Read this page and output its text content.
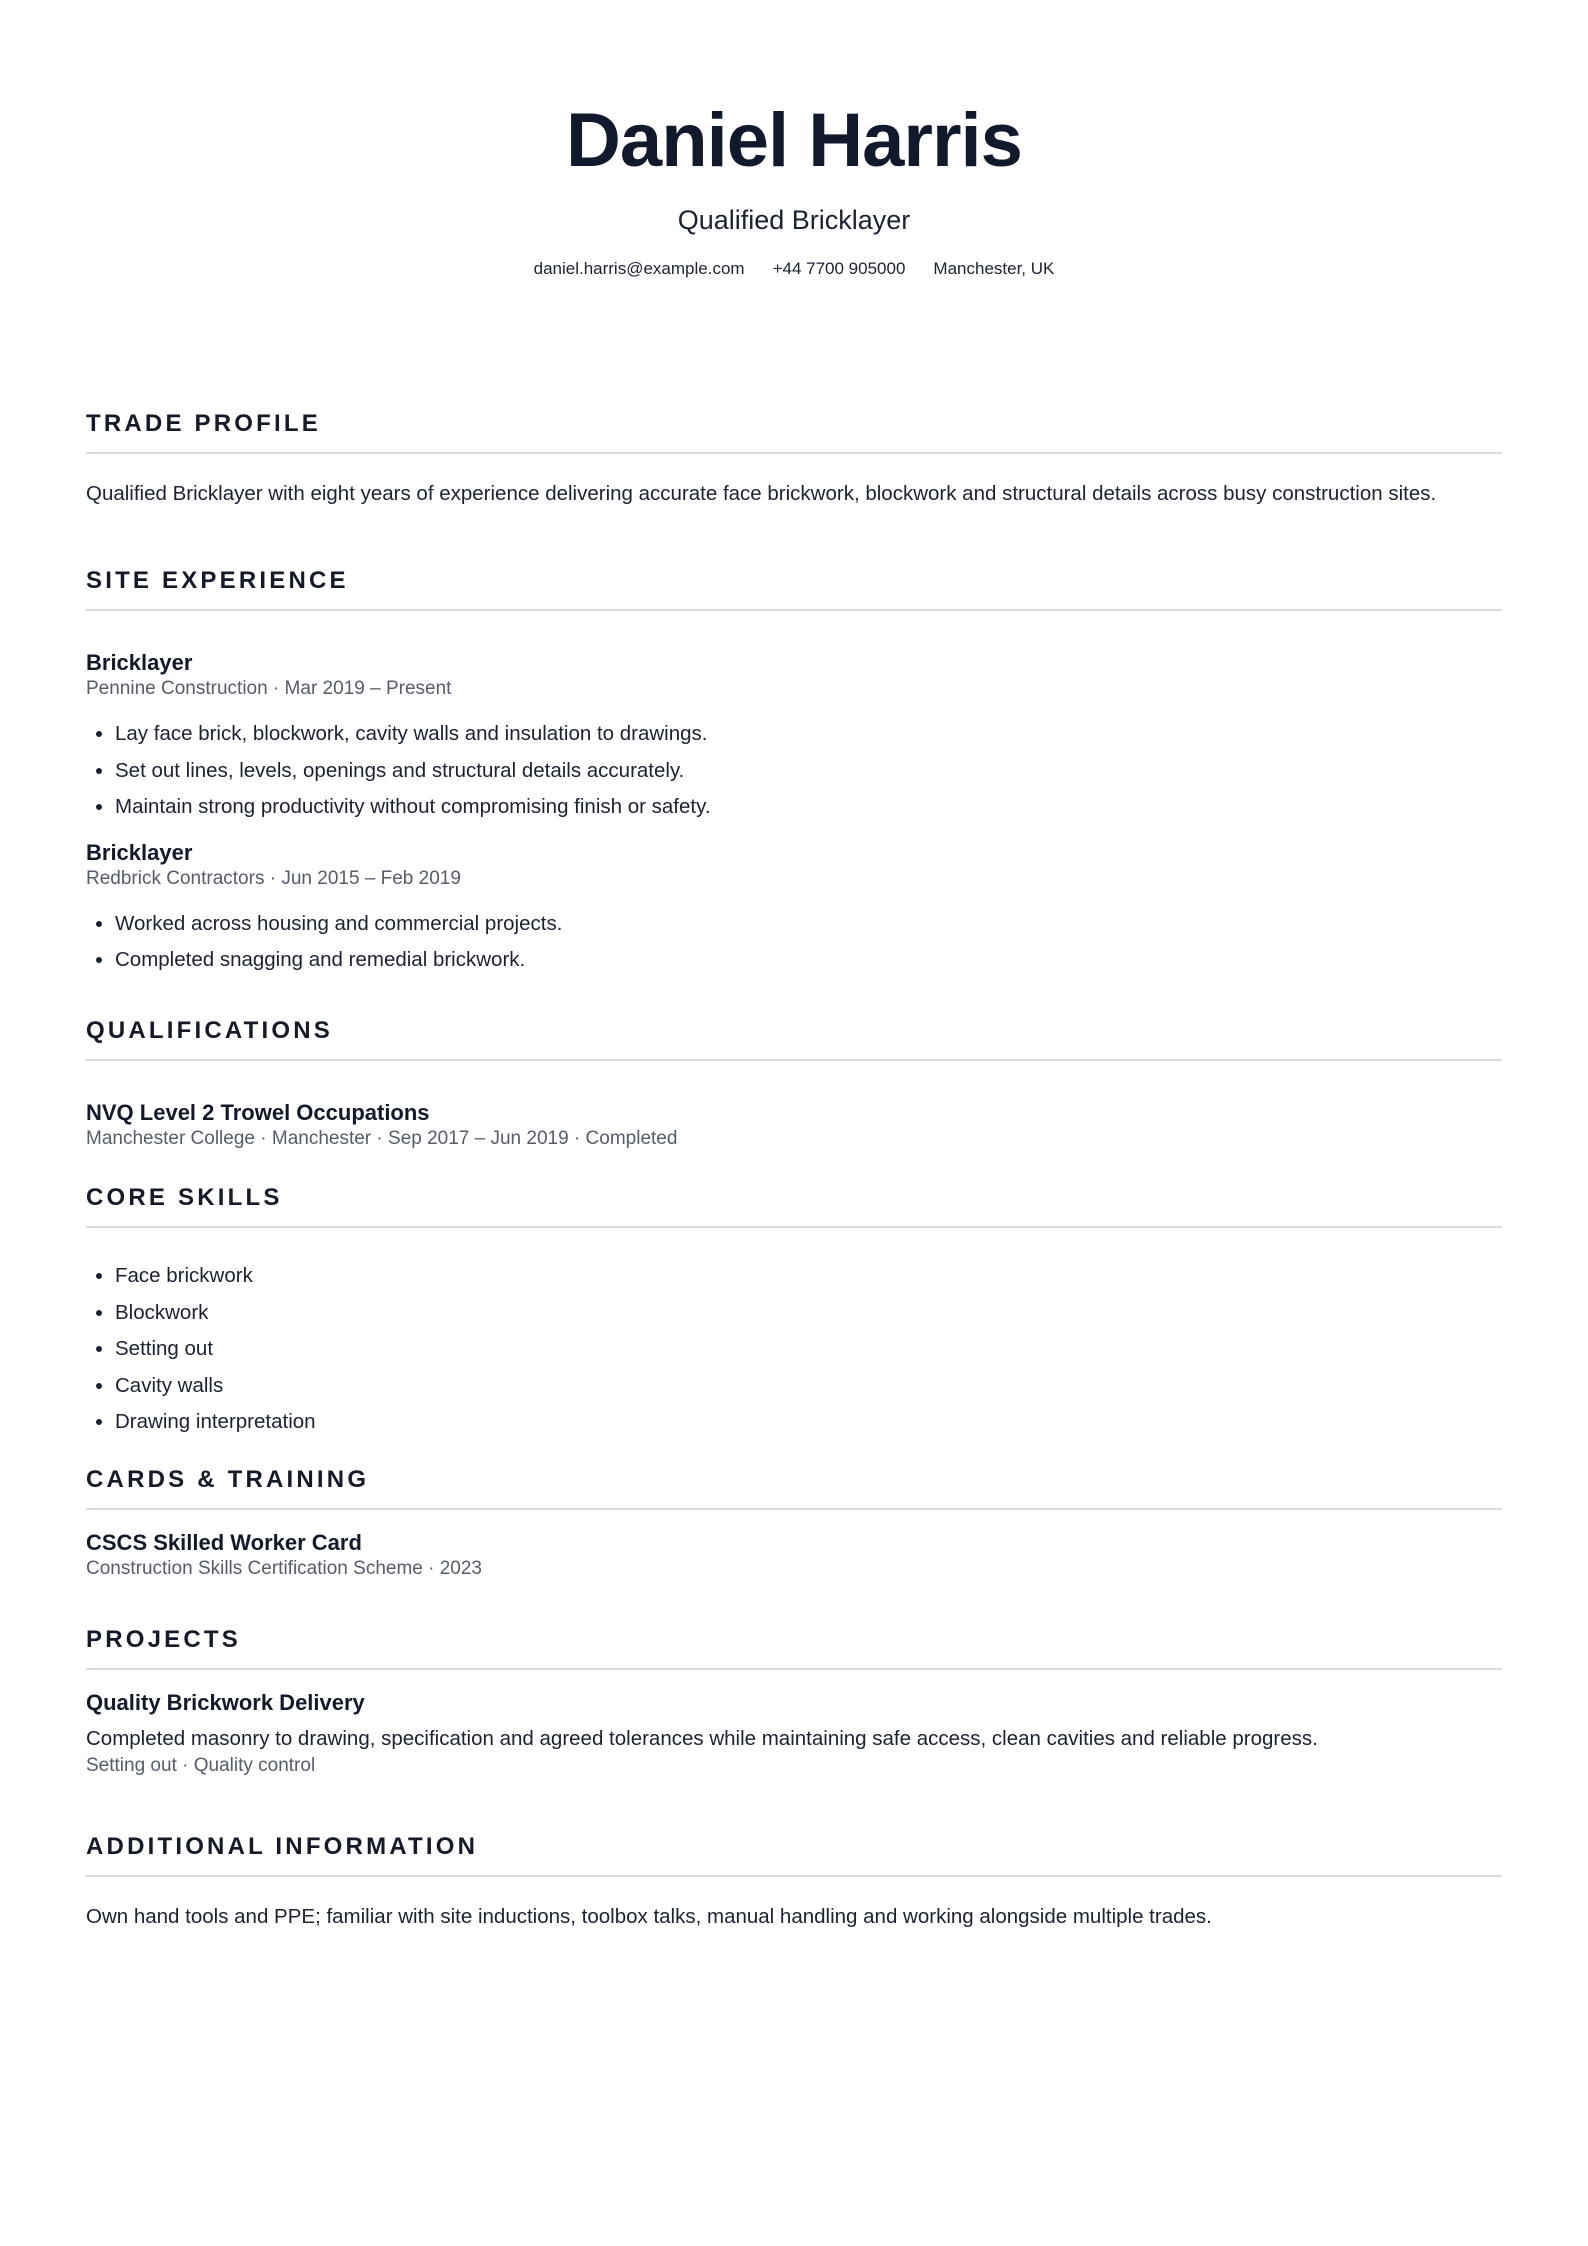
Daniel Harris
Qualified Bricklayer
daniel.harris@example.com +44 7700 905000 Manchester, UK
TRADE PROFILE
Qualified Bricklayer with eight years of experience delivering accurate face brickwork, blockwork and structural details across busy construction sites.
SITE EXPERIENCE
Bricklayer
Pennine Construction · Mar 2019 – Present
• Lay face brick, blockwork, cavity walls and insulation to drawings.
• Set out lines, levels, openings and structural details accurately.
• Maintain strong productivity without compromising finish or safety.
Bricklayer
Redbrick Contractors · Jun 2015 – Feb 2019
• Worked across housing and commercial projects.
• Completed snagging and remedial brickwork.
QUALIFICATIONS
NVQ Level 2 Trowel Occupations
Manchester College · Manchester · Sep 2017 – Jun 2019 · Completed
CORE SKILLS
• Face brickwork
• Blockwork
• Setting out
• Cavity walls
• Drawing interpretation
CARDS & TRAINING
CSCS Skilled Worker Card
Construction Skills Certification Scheme · 2023
PROJECTS
Quality Brickwork Delivery
Completed masonry to drawing, specification and agreed tolerances while maintaining safe access, clean cavities and reliable progress.
Setting out · Quality control
ADDITIONAL INFORMATION
Own hand tools and PPE; familiar with site inductions, toolbox talks, manual handling and working alongside multiple trades.
